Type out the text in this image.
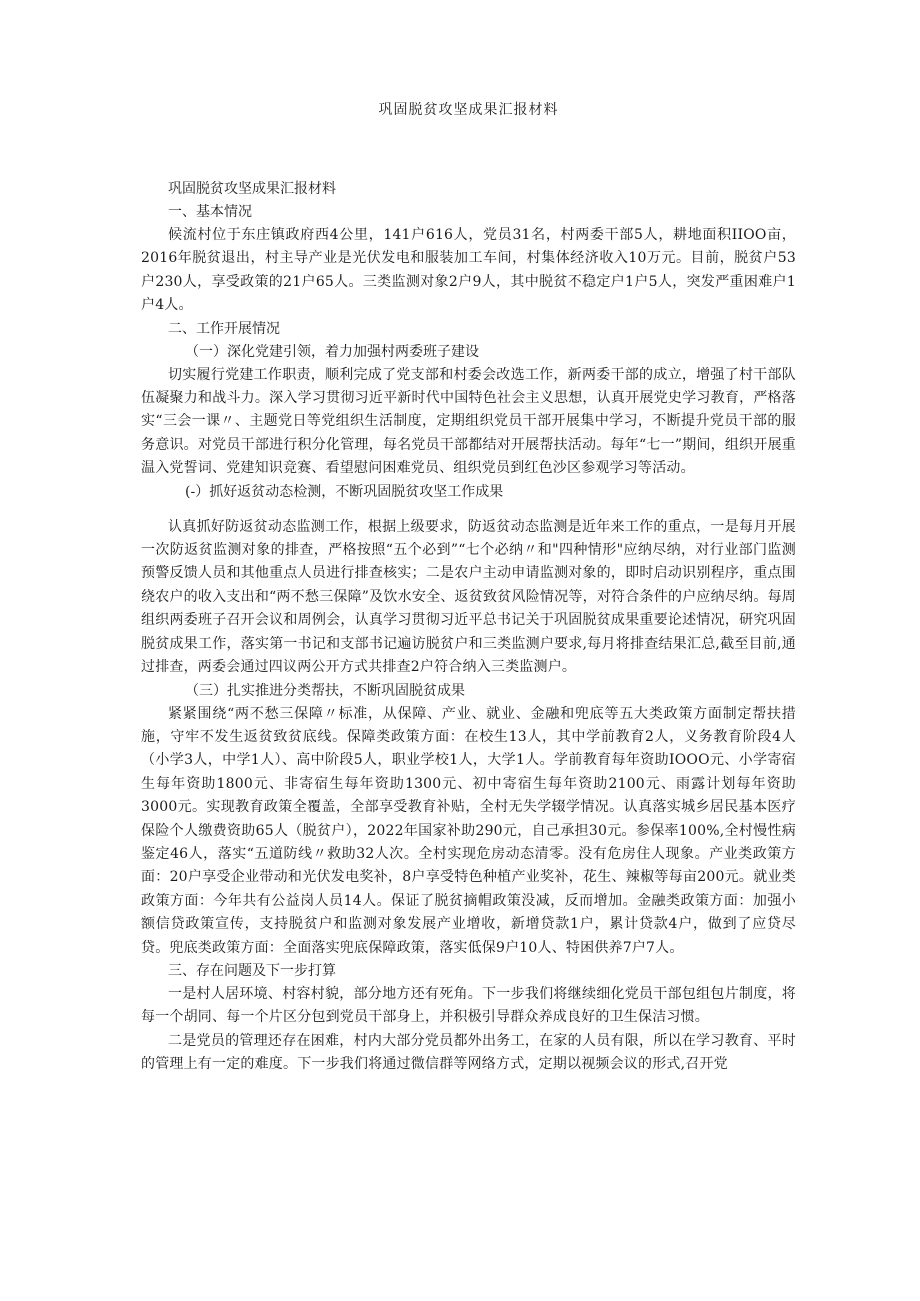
巩固脱贫攻坚成果汇报材料

巩固脱贫攻坚成果汇报材料

一、基本情况

候流村位于东庄镇政府西4公里，141户616人，党员31名，村两委干部5人，耕地面积IIOO亩，2016年脱贫退出，村主导产业是光伏发电和服装加工车间，村集体经济收入10万元。目前，脱贫户53户230人，享受政策的21户65人。三类监测对象2户9人，其中脱贫不稳定户1户5人，突发严重困难户1户4人。

二、工作开展情况

（一）深化党建引领，着力加强村两委班子建设

切实履行党建工作职责，顺利完成了党支部和村委会改选工作，新两委干部的成立，增强了村干部队伍凝聚力和战斗力。深入学习贯彻习近平新时代中国特色社会主义思想，认真开展党史学习教育，严格落实“三会一课〃、主题党日等党组织生活制度，定期组织党员干部开展集中学习，不断提升党员干部的服务意识。对党员干部进行积分化管理，每名党员干部都结对开展帮扶活动。每年“七一”期间，组织开展重温入党誓词、党建知识竞赛、看望慰问困难党员、组织党员到红色沙区参观学习等活动。

(-）抓好返贫动态检测，不断巩固脱贫攻坚工作成果

认真抓好防返贫动态监测工作，根据上级要求，防返贫动态监测是近年来工作的重点，一是每月开展一次防返贫监测对象的排查，严格按照“五个必到”“七个必纳〃和"四种情形"应纳尽纳，对行业部门监测预警反馈人员和其他重点人员进行排查核实；二是农户主动申请监测对象的，即时启动识别程序，重点围绕农户的收入支出和“两不愁三保障”及饮水安全、返贫致贫风险情况等，对符合条件的户应纳尽纳。每周组织两委班子召开会议和周例会，认真学习贯彻习近平总书记关于巩固脱贫成果重要论述情况，研究巩固脱贫成果工作，落实第一书记和支部书记遍访脱贫户和三类监测户要求,每月将排查结果汇总,截至目前,通过排查，两委会通过四议两公开方式共排查2户符合纳入三类监测户。

（三）扎实推进分类帮扶，不断巩固脱贫成果

紧紧围绕“两不愁三保障〃标准，从保障、产业、就业、金融和兜底等五大类政策方面制定帮扶措施，守牢不发生返贫致贫底线。保障类政策方面：在校生13人，其中学前教育2人，义务教育阶段4人（小学3人，中学1人）、高中阶段5人，职业学校1人，大学1人。学前教育每年资助IOOO元、小学寄宿生每年资助1800元、非寄宿生每年资助1300元、初中寄宿生每年资助2100元、雨露计划每年资助3000元。实现教育政策全覆盖，全部享受教育补贴，全村无失学辍学情况。认真落实城乡居民基本医疗保险个人缴费资助65人（脱贫户），2022年国家补助290元，自己承担30元。参保率100%,全村慢性病鉴定46人，落实“五道防线〃救助32人次。全村实现危房动态清零。没有危房住人现象。产业类政策方面：20户享受企业带动和光伏发电奖补，8户享受特色种植产业奖补，花生、辣椒等每亩200元。就业类政策方面：今年共有公益岗人员14人。保证了脱贫摘帽政策没减，反而增加。金融类政策方面：加强小额信贷政策宣传，支持脱贫户和监测对象发展产业增收，新增贷款1户，累计贷款4户，做到了应贷尽贷。兜底类政策方面：全面落实兜底保障政策，落实低保9户10人、特困供养7户7人。

三、存在问题及下一步打算

一是村人居环境、村容村貌，部分地方还有死角。下一步我们将继续细化党员干部包组包片制度，将每一个胡同、每一个片区分包到党员干部身上，并积极引导群众养成良好的卫生保洁习惯。

二是党员的管理还存在困难，村内大部分党员都外出务工，在家的人员有限，所以在学习教育、平时的管理上有一定的难度。下一步我们将通过微信群等网络方式，定期以视频会议的形式,召开党
